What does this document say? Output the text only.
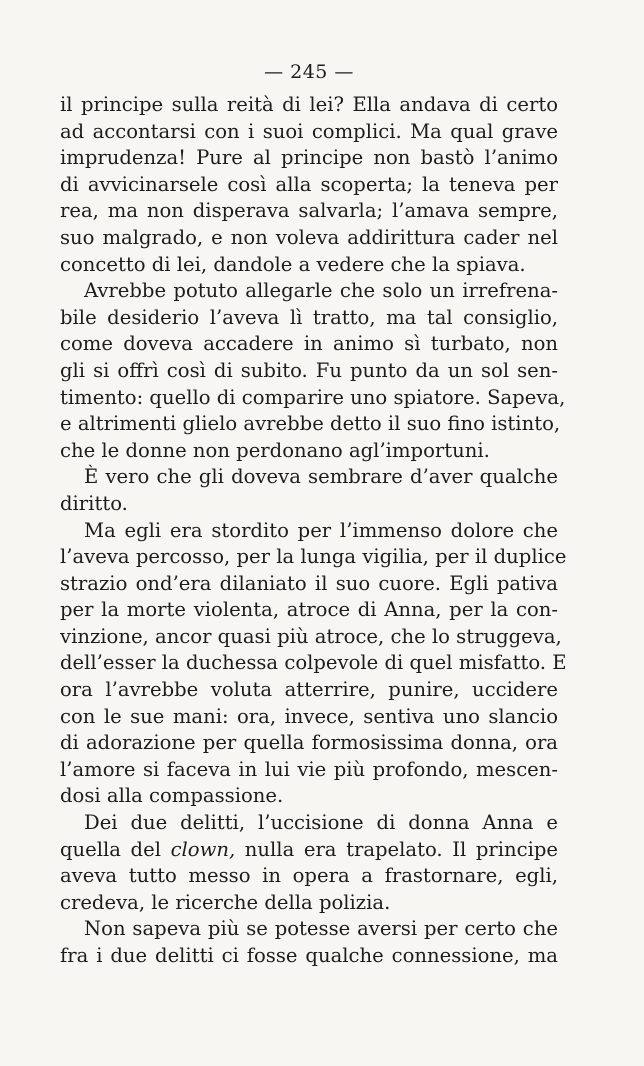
— 245 —
il principe sulla reità di lei? Ella andava di certo
ad accontarsi con i suoi complici. Ma qual grave
imprudenza! Pure al principe non bastò l’animo
di avvicinarsele così alla scoperta; la teneva per
rea, ma non disperava salvarla; l’amava sempre,
suo malgrado, e non voleva addirittura cader nel
concetto di lei, dandole a vedere che la spiava.
Avrebbe potuto allegarle che solo un irrefrena-
bile desiderio l’aveva lì tratto, ma tal consiglio,
come doveva accadere in animo sì turbato, non
gli si offrì così di subito. Fu punto da un sol sen-
timento: quello di comparire uno spiatore. Sapeva,
e altrimenti glielo avrebbe detto il suo fino istinto,
che le donne non perdonano agl’importuni.
È vero che gli doveva sembrare d’aver qualche
diritto.
Ma egli era stordito per l’immenso dolore che
l’aveva percosso, per la lunga vigilia, per il duplice
strazio ond’era dilaniato il suo cuore. Egli pativa
per la morte violenta, atroce di Anna, per la con-
vinzione, ancor quasi più atroce, che lo struggeva,
dell’esser la duchessa colpevole di quel misfatto. E
ora l’avrebbe voluta atterrire, punire, uccidere
con le sue mani: ora, invece, sentiva uno slancio
di adorazione per quella formosissima donna, ora
l’amore si faceva in lui vie più profondo, mescen-
dosi alla compassione.
Dei due delitti, l’uccisione di donna Anna e
quella del clown, nulla era trapelato. Il principe
aveva tutto messo in opera a frastornare, egli,
credeva, le ricerche della polizia.
Non sapeva più se potesse aversi per certo che
fra i due delitti ci fosse qualche connessione, ma
